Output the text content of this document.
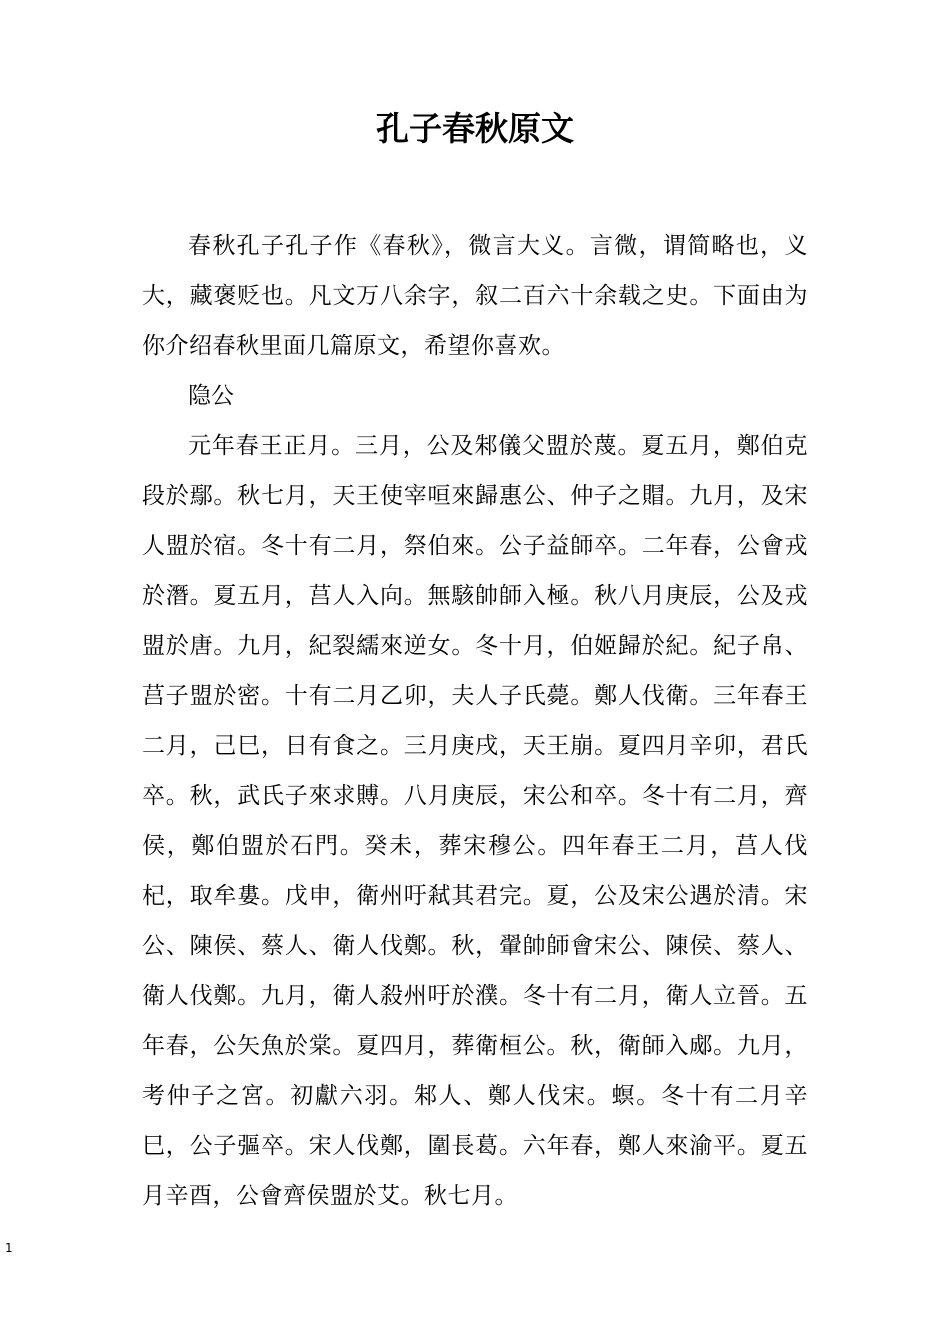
孔子春秋原文

春秋孔子孔子作《春秋》，微言大义。言微，谓简略也，义大，藏褒贬也。凡文万八余字，叙二百六十余载之史。下面由为你介绍春秋里面几篇原文，希望你喜欢。

隐公

元年春王正月。三月，公及邾儀父盟於蔑。夏五月，鄭伯克段於鄢。秋七月，天王使宰咺來歸惠公、仲子之賵。九月，及宋人盟於宿。冬十有二月，祭伯來。公子益師卒。二年春，公會戎於潛。夏五月，莒人入向。無駭帥師入極。秋八月庚辰，公及戎盟於唐。九月，紀裂繻來逆女。冬十月，伯姬歸於紀。紀子帛、莒子盟於密。十有二月乙卯，夫人子氏薨。鄭人伐衛。三年春王二月，己巳，日有食之。三月庚戌，天王崩。夏四月辛卯，君氏卒。秋，武氏子來求賻。八月庚辰，宋公和卒。冬十有二月，齊侯，鄭伯盟於石門。癸未，葬宋穆公。四年春王二月，莒人伐杞，取牟婁。戊申，衛州吁弒其君完。夏，公及宋公遇於清。宋公、陳侯、蔡人、衛人伐鄭。秋，翬帥師會宋公、陳侯、蔡人、衛人伐鄭。九月，衛人殺州吁於濮。冬十有二月，衛人立晉。五年春，公矢魚於棠。夏四月，葬衛桓公。秋，衛師入郕。九月，考仲子之宮。初獻六羽。邾人、鄭人伐宋。螟。冬十有二月辛巳，公子彄卒。宋人伐鄭，圍長葛。六年春，鄭人來渝平。夏五月辛酉，公會齊侯盟於艾。秋七月。

1
